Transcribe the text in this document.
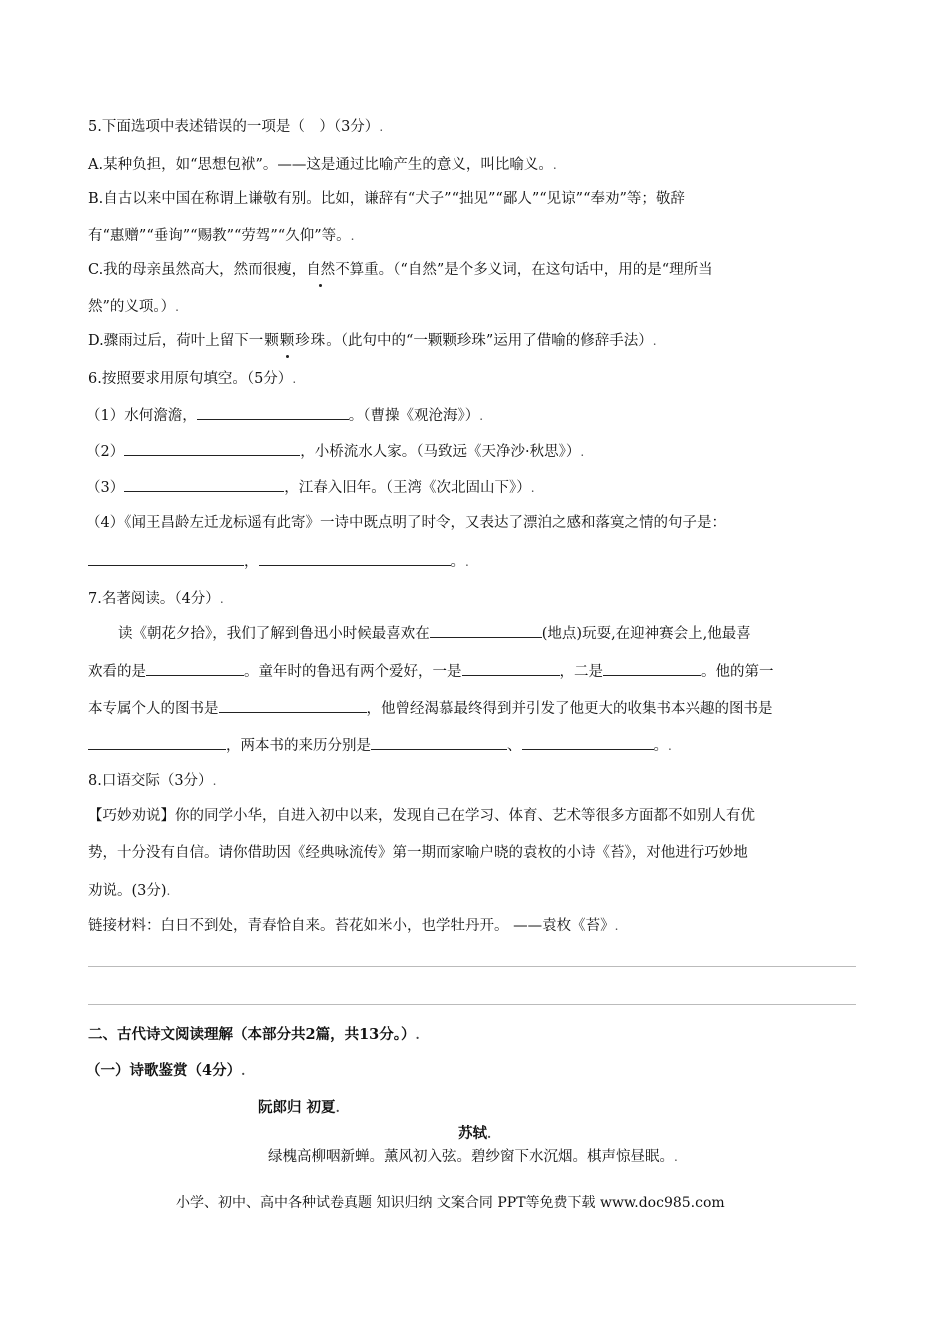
5.下面选项中表述错误的一项是（　）（3分）.
A.某种负担，如“思想包袱”。——这是通过比喻产生的意义，叫比喻义。.
B.自古以来中国在称谓上谦敬有别。比如，谦辞有“犬子”“拙见”“鄙人”“见谅”“奉劝”等；敬辞
有“惠赠”“垂询”“赐教”“劳驾”“久仰”等。.
C.我的母亲虽然高大，然而很瘦，自然不算重。（“自然”是个多义词，在这句话中，用的是“理所当
然”的义项。）.
D.骤雨过后，荷叶上留下一颗颗珍珠。（此句中的“一颗颗珍珠”运用了借喻的修辞手法）.
6.按照要求用原句填空。（5分）.
（1）水何澹澹，	。（曹操《观沧海》）.
（2）	，小桥流水人家。（马致远《天净沙·秋思》）.
（3）	，江春入旧年。（王湾《次北固山下》）.
（4）《闻王昌龄左迁龙标遥有此寄》一诗中既点明了时令，又表达了漂泊之感和落寞之情的句子是：
，	。.
7.名著阅读。（4分）.
读《朝花夕拾》，我们了解到鲁迅小时候最喜欢在	(地点)玩耍,在迎神赛会上,他最喜
欢看的是	。童年时的鲁迅有两个爱好，一是	，二是	。他的第一
本专属个人的图书是	，他曾经渴慕最终得到并引发了他更大的收集书本兴趣的图书是
，两本书的来历分别是	、	。.
8.口语交际（3分）.
【巧妙劝说】你的同学小华，自进入初中以来，发现自己在学习、体育、艺术等很多方面都不如别人有优
势，十分没有自信。请你借助因《经典咏流传》第一期而家喻户晓的袁枚的小诗《苔》，对他进行巧妙地
劝说。(3分).
链接材料：白日不到处，青春恰自来。苔花如米小，也学牡丹开。 ——袁枚《苔》.
二、古代诗文阅读理解（本部分共2篇，共13分。）.
（一）诗歌鉴赏（4分）.
阮郎归 初夏.
苏轼.
绿槐高柳咽新蝉。薰风初入弦。碧纱窗下水沉烟。棋声惊昼眠。.
小学、初中、高中各种试卷真题 知识归纳 文案合同 PPT等免费下载 www.doc985.com
